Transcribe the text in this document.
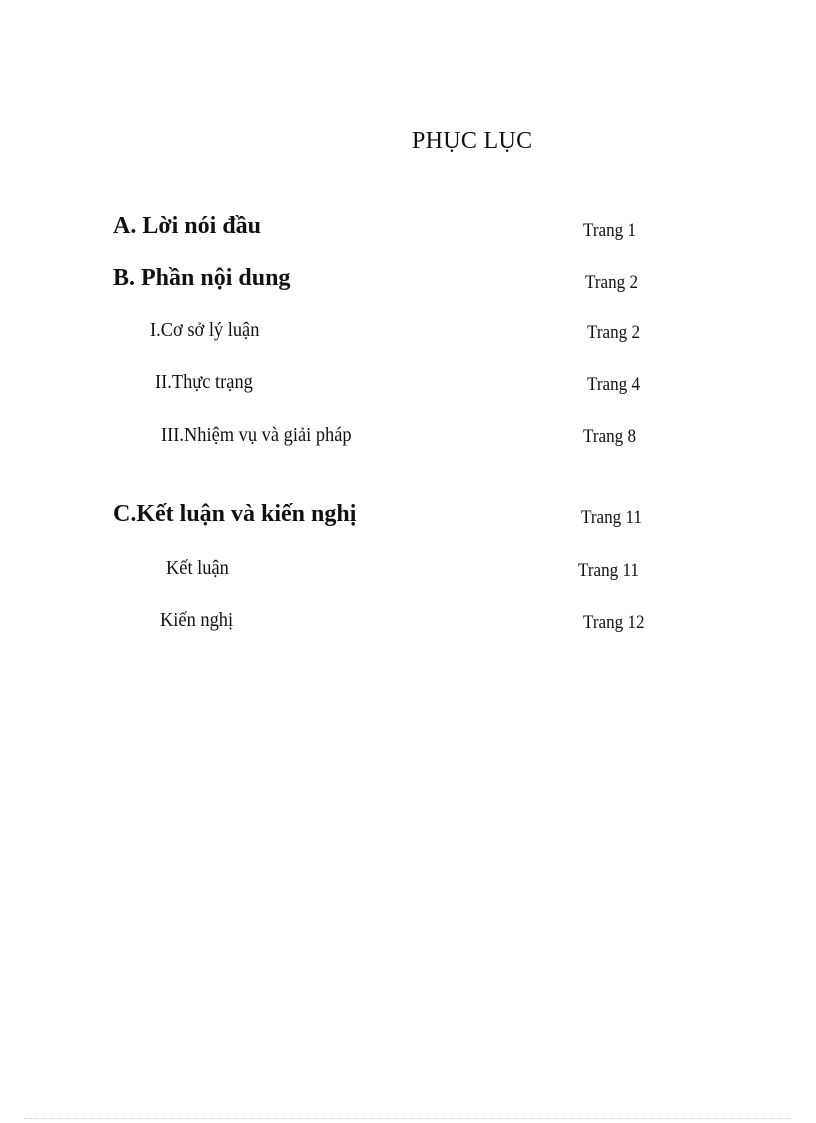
PHỤC LỤC
A. Lời nói đầu	Trang 1
B. Phần nội dung	Trang 2
I.Cơ sở lý luận	Trang 2
II.Thực trạng	Trang 4
III.Nhiệm vụ và giải pháp	Trang 8
C.Kết luận và kiến nghị	Trang 11
Kết luận	Trang 11
Kiến nghị	Trang 12
